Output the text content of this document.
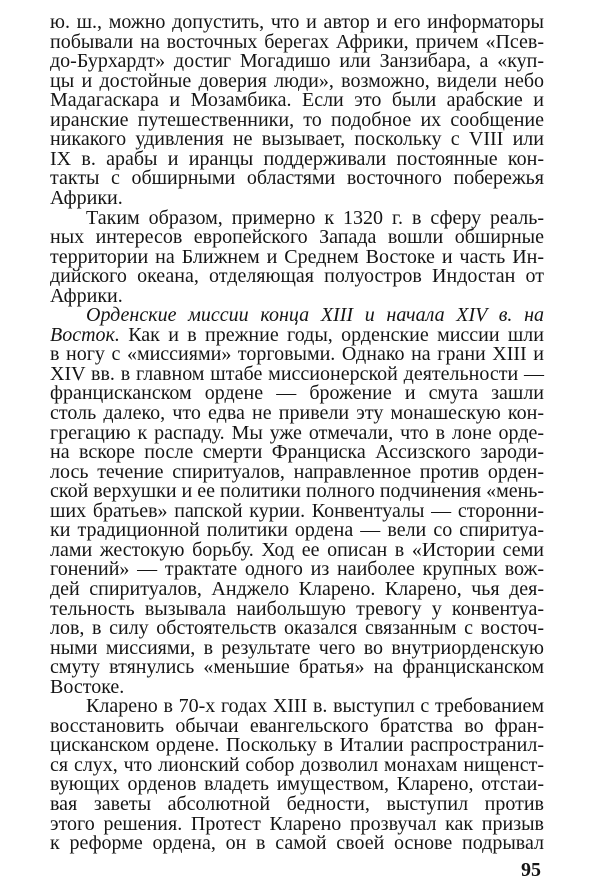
ю. ш., можно допустить, что и автор и его информаторы
побывали на восточных берегах Африки, причем «Псев-
до-Бурхардт» достиг Могадишо или Занзибара, а «куп-
цы и достойные доверия люди», возможно, видели небо
Мадагаскара и Мозамбика. Если это были арабские и
иранские путешественники, то подобное их сообщение
никакого удивления не вызывает, поскольку с VIII или
IX в. арабы и иранцы поддерживали постоянные кон-
такты с обширными областями восточного побережья
Африки.
Таким образом, примерно к 1320 г. в сферу реаль-
ных интересов европейского Запада вошли обширные
территории на Ближнем и Среднем Востоке и часть Ин-
дийского океана, отделяющая полуостров Индостан от
Африки.
Орденские миссии конца XIII и начала XIV в. на
Восток. Как и в прежние годы, орденские миссии шли
в ногу с «миссиями» торговыми. Однако на грани XIII и
XIV вв. в главном штабе миссионерской деятельности —
францисканском ордене — брожение и смута зашли
столь далеко, что едва не привели эту монашескую кон-
грегацию к распаду. Мы уже отмечали, что в лоне орде-
на вскоре после смерти Франциска Ассизского зароди-
лось течение спиритуалов, направленное против орден-
ской верхушки и ее политики полного подчинения «мень-
ших братьев» папской курии. Конвентуалы — сторонни-
ки традиционной политики ордена — вели со спиритуа-
лами жестокую борьбу. Ход ее описан в «Истории семи
гонений» — трактате одного из наиболее крупных вож-
дей спиритуалов, Анджело Кларено. Кларено, чья дея-
тельность вызывала наибольшую тревогу у конвентуа-
лов, в силу обстоятельств оказался связанным с восточ-
ными миссиями, в результате чего во внутриорденскую
смуту втянулись «меньшие братья» на францисканском
Востоке.
Кларено в 70-х годах XIII в. выступил с требованием
восстановить обычаи евангельского братства во фран-
цисканском ордене. Поскольку в Италии распространил-
ся слух, что лионский собор дозволил монахам нищенст-
вующих орденов владеть имуществом, Кларено, отстаи-
вая заветы абсолютной бедности, выступил против
этого решения. Протест Кларено прозвучал как призыв
к реформе ордена, он в самой своей основе подрывал
95
